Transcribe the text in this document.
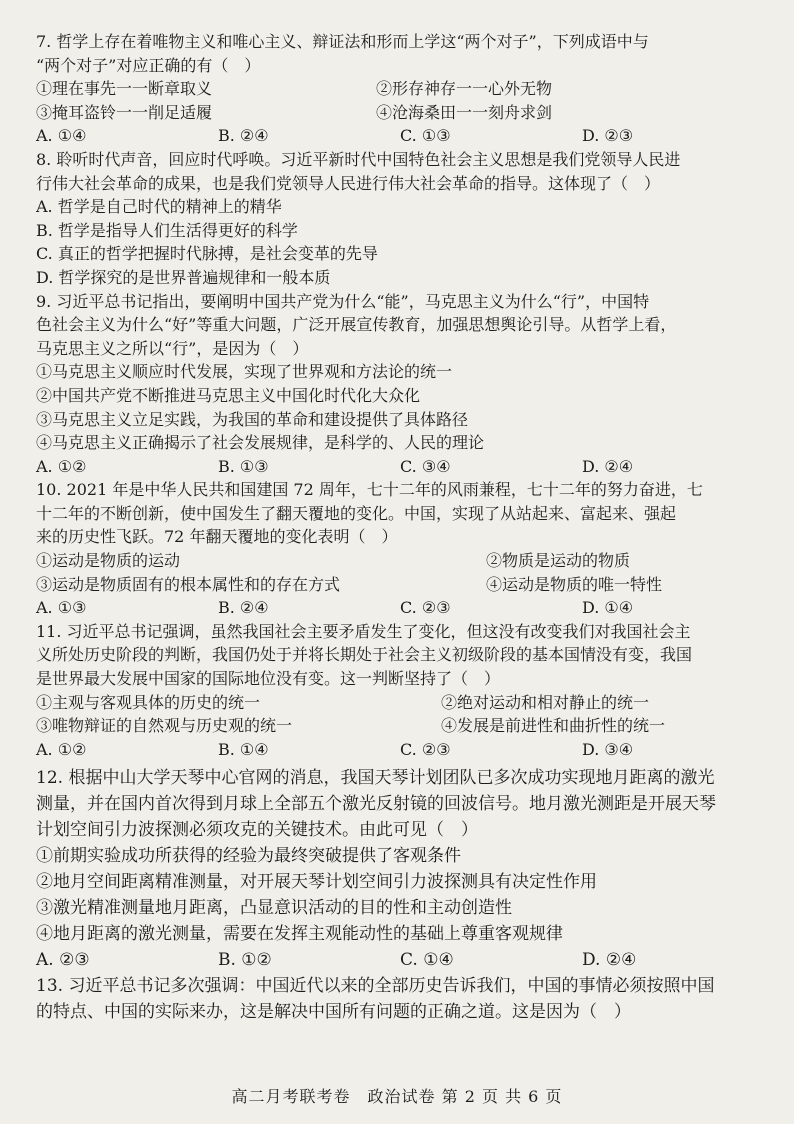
7. 哲学上存在着唯物主义和唯心主义、辩证法和形而上学这“两个对子”，下列成语中与
“两个对子”对应正确的有（　）
①理在事先一一断章取义	②形存神存一一心外无物
③掩耳盗铃一一削足适履	④沧海桑田一一刻舟求剑
A. ①④	B. ②④	C. ①③	D. ②③
8. 聆听时代声音，回应时代呼唤。习近平新时代中国特色社会主义思想是我们党领导人民进
行伟大社会革命的成果，也是我们党领导人民进行伟大社会革命的指导。这体现了（　）
A. 哲学是自己时代的精神上的精华
B. 哲学是指导人们生活得更好的科学
C. 真正的哲学把握时代脉搏，是社会变革的先导
D. 哲学探究的是世界普遍规律和一般本质
9. 习近平总书记指出，要阐明中国共产党为什么“能”，马克思主义为什么“行”，中国特
色社会主义为什么“好”等重大问题，广泛开展宣传教育，加强思想舆论引导。从哲学上看，
马克思主义之所以“行”，是因为（　）
①马克思主义顺应时代发展，实现了世界观和方法论的统一
②中国共产党不断推进马克思主义中国化时代化大众化
③马克思主义立足实践，为我国的革命和建设提供了具体路径
④马克思主义正确揭示了社会发展规律，是科学的、人民的理论
A. ①②	B. ①③	C. ③④	D. ②④
10. 2021 年是中华人民共和国建国 72 周年，七十二年的风雨兼程，七十二年的努力奋进，七
十二年的不断创新，使中国发生了翻天覆地的变化。中国，实现了从站起来、富起来、强起
来的历史性飞跃。72 年翻天覆地的变化表明（　）
①运动是物质的运动	②物质是运动的物质
③运动是物质固有的根本属性和的存在方式	④运动是物质的唯一特性
A. ①③	B. ②④	C. ②③	D. ①④
11. 习近平总书记强调，虽然我国社会主要矛盾发生了变化，但这没有改变我们对我国社会主
义所处历史阶段的判断，我国仍处于并将长期处于社会主义初级阶段的基本国情没有变，我国
是世界最大发展中国家的国际地位没有变。这一判断坚持了（　）
①主观与客观具体的历史的统一	②绝对运动和相对静止的统一
③唯物辩证的自然观与历史观的统一	④发展是前进性和曲折性的统一
A. ①②	B. ①④	C. ②③	D. ③④
12. 根据中山大学天琴中心官网的消息，我国天琴计划团队已多次成功实现地月距离的激光
测量，并在国内首次得到月球上全部五个激光反射镜的回波信号。地月激光测距是开展天琴
计划空间引力波探测必须攻克的关键技术。由此可见（　）
①前期实验成功所获得的经验为最终突破提供了客观条件
②地月空间距离精准测量，对开展天琴计划空间引力波探测具有决定性作用
③激光精准测量地月距离，凸显意识活动的目的性和主动创造性
④地月距离的激光测量，需要在发挥主观能动性的基础上尊重客观规律
A. ②③	B. ①②	C. ①④	D. ②④
13. 习近平总书记多次强调：中国近代以来的全部历史告诉我们，中国的事情必须按照中国
的特点、中国的实际来办，这是解决中国所有问题的正确之道。这是因为（　）
高二月考联考卷　政治试卷 第 2 页 共 6 页
